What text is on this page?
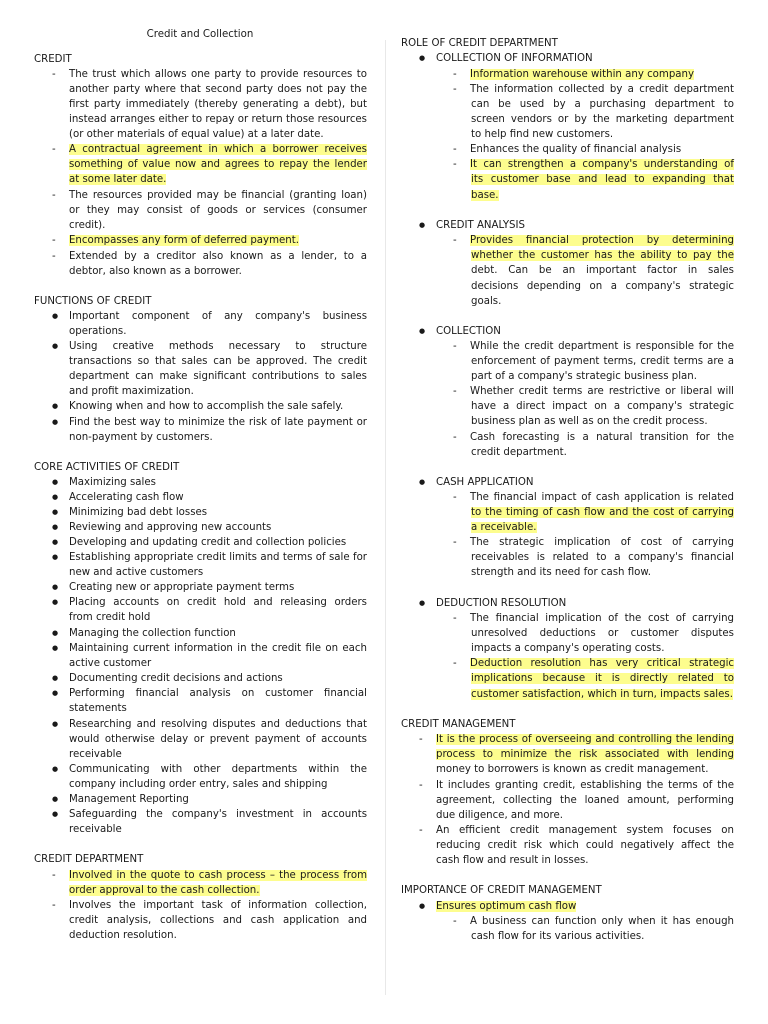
Credit and Collection
CREDIT
- The trust which allows one party to provide resources to
another party where that second party does not pay the
first party immediately (thereby generating a debt), but
instead arranges either to repay or return those resources
(or other materials of equal value) at a later date.
- A contractual agreement in which a borrower receives
something of value now and agrees to repay the lender
at some later date.
- The resources provided may be financial (granting loan)
or they may consist of goods or services (consumer
credit).
- Encompasses any form of deferred payment.
- Extended by a creditor also known as a lender, to a
debtor, also known as a borrower.
FUNCTIONS OF CREDIT
● Important component of any company's business
operations.
● Using creative methods necessary to structure
transactions so that sales can be approved. The credit
department can make significant contributions to sales
and profit maximization.
● Knowing when and how to accomplish the sale safely.
● Find the best way to minimize the risk of late payment or
non-payment by customers.
CORE ACTIVITIES OF CREDIT
● Maximizing sales
● Accelerating cash flow
● Minimizing bad debt losses
● Reviewing and approving new accounts
● Developing and updating credit and collection policies
● Establishing appropriate credit limits and terms of sale for
new and active customers
● Creating new or appropriate payment terms
● Placing accounts on credit hold and releasing orders
from credit hold
● Managing the collection function
● Maintaining current information in the credit file on each
active customer
● Documenting credit decisions and actions
● Performing financial analysis on customer financial
statements
● Researching and resolving disputes and deductions that
would otherwise delay or prevent payment of accounts
receivable
● Communicating with other departments within the
company including order entry, sales and shipping
● Management Reporting
● Safeguarding the company's investment in accounts
receivable
CREDIT DEPARTMENT
- Involved in the quote to cash process – the process from
order approval to the cash collection.
- Involves the important task of information collection,
credit analysis, collections and cash application and
deduction resolution.
ROLE OF CREDIT DEPARTMENT
● COLLECTION OF INFORMATION
- Information warehouse within any company
- The information collected by a credit department
can be used by a purchasing department to
screen vendors or by the marketing department
to help find new customers.
- Enhances the quality of financial analysis
- It can strengthen a company's understanding of
its customer base and lead to expanding that
base.
● CREDIT ANALYSIS
- Provides financial protection by determining
whether the customer has the ability to pay the
debt. Can be an important factor in sales
decisions depending on a company's strategic
goals.
● COLLECTION
- While the credit department is responsible for the
enforcement of payment terms, credit terms are a
part of a company's strategic business plan.
- Whether credit terms are restrictive or liberal will
have a direct impact on a company's strategic
business plan as well as on the credit process.
- Cash forecasting is a natural transition for the
credit department.
● CASH APPLICATION
- The financial impact of cash application is related
to the timing of cash flow and the cost of carrying
a receivable.
- The strategic implication of cost of carrying
receivables is related to a company's financial
strength and its need for cash flow.
● DEDUCTION RESOLUTION
- The financial implication of the cost of carrying
unresolved deductions or customer disputes
impacts a company's operating costs.
- Deduction resolution has very critical strategic
implications because it is directly related to
customer satisfaction, which in turn, impacts sales.
CREDIT MANAGEMENT
- It is the process of overseeing and controlling the lending
process to minimize the risk associated with lending
money to borrowers is known as credit management.
- It includes granting credit, establishing the terms of the
agreement, collecting the loaned amount, performing
due diligence, and more.
- An efficient credit management system focuses on
reducing credit risk which could negatively affect the
cash flow and result in losses.
IMPORTANCE OF CREDIT MANAGEMENT
● Ensures optimum cash flow
- A business can function only when it has enough
cash flow for its various activities.
